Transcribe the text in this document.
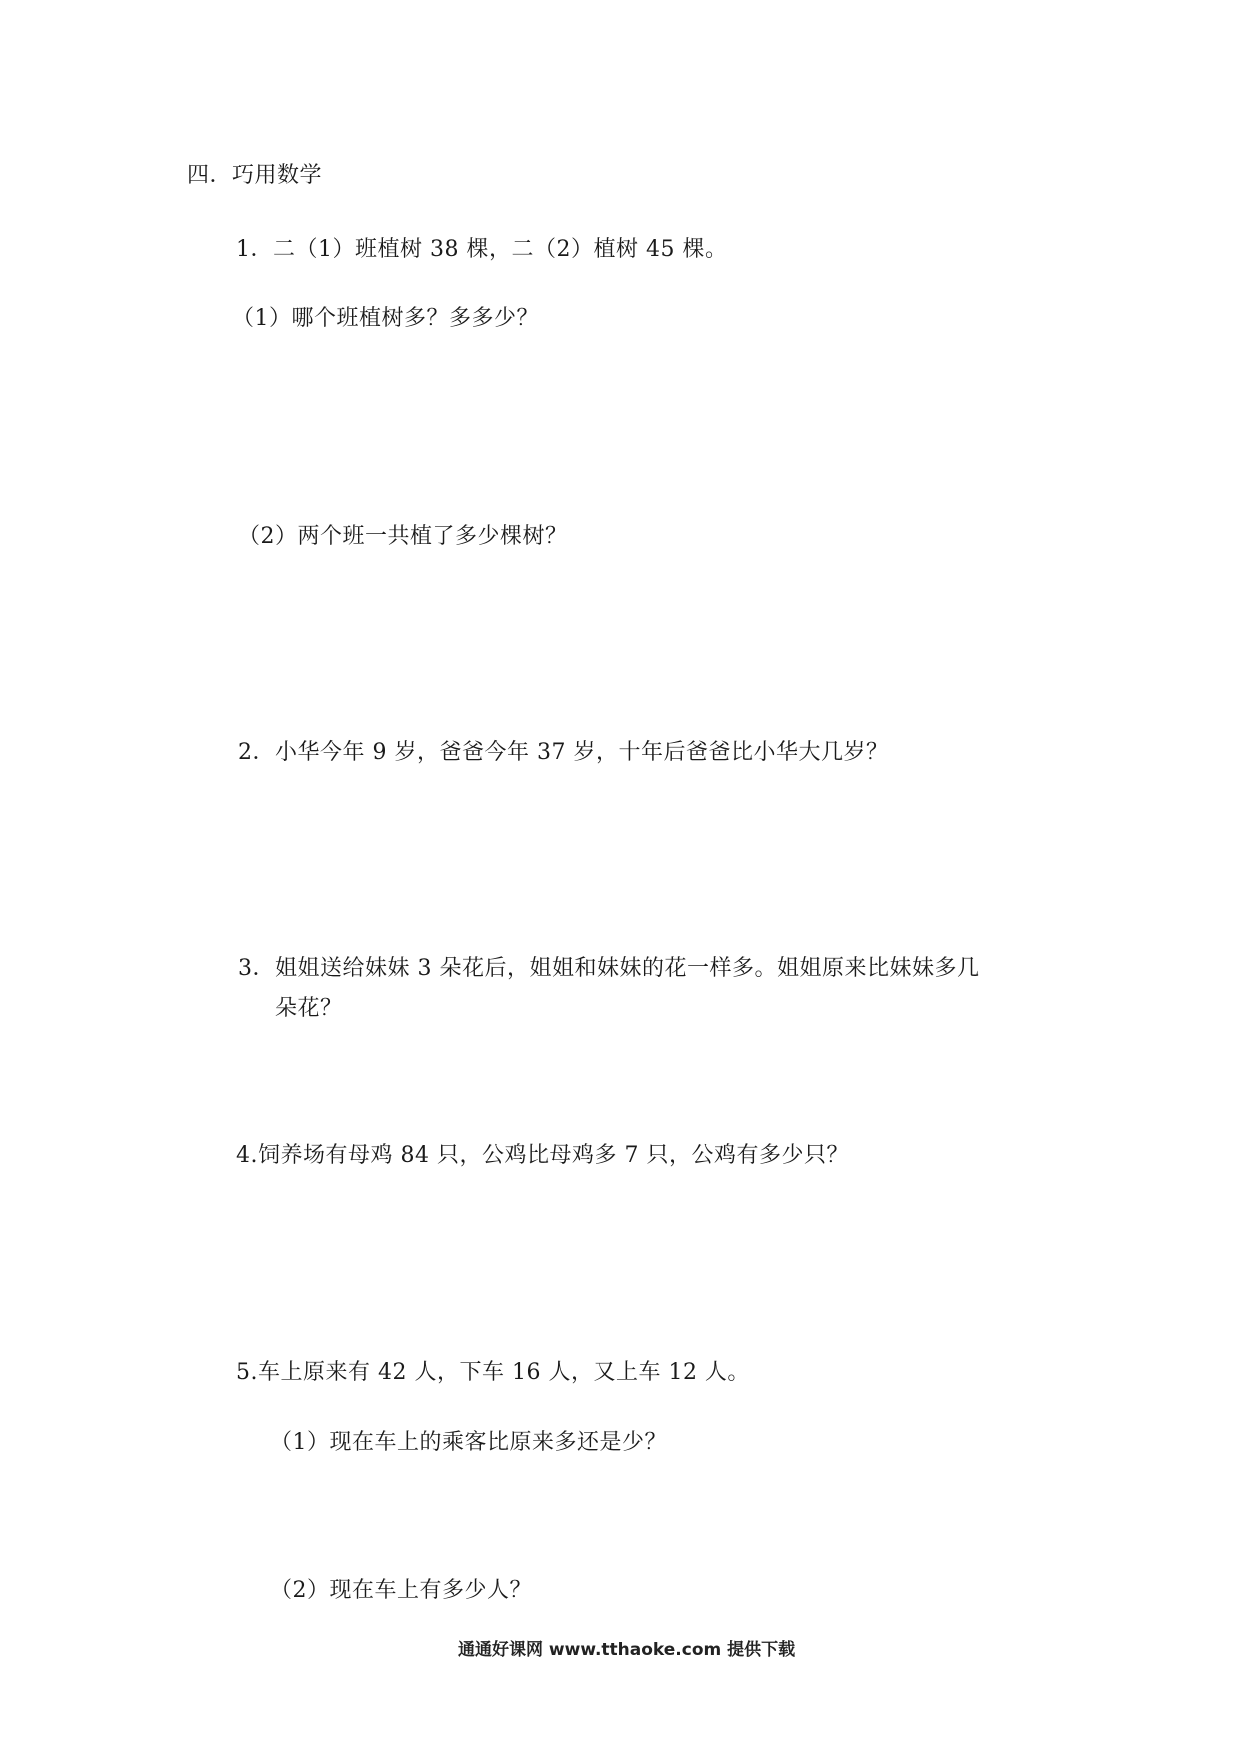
四．巧用数学
1．二（1）班植树 38 棵，二（2）植树 45 棵。
（1）哪个班植树多？多多少？
（2）两个班一共植了多少棵树？
2．小华今年 9 岁，爸爸今年 37 岁，十年后爸爸比小华大几岁？
3．姐姐送给妹妹 3 朵花后，姐姐和妹妹的花一样多。姐姐原来比妹妹多几
朵花？
4.饲养场有母鸡 84 只，公鸡比母鸡多 7 只，公鸡有多少只？
5.车上原来有 42 人，下车 16 人，又上车 12 人。
（1）现在车上的乘客比原来多还是少？
（2）现在车上有多少人？
通通好课网 www.tthaoke.com 提供下载
